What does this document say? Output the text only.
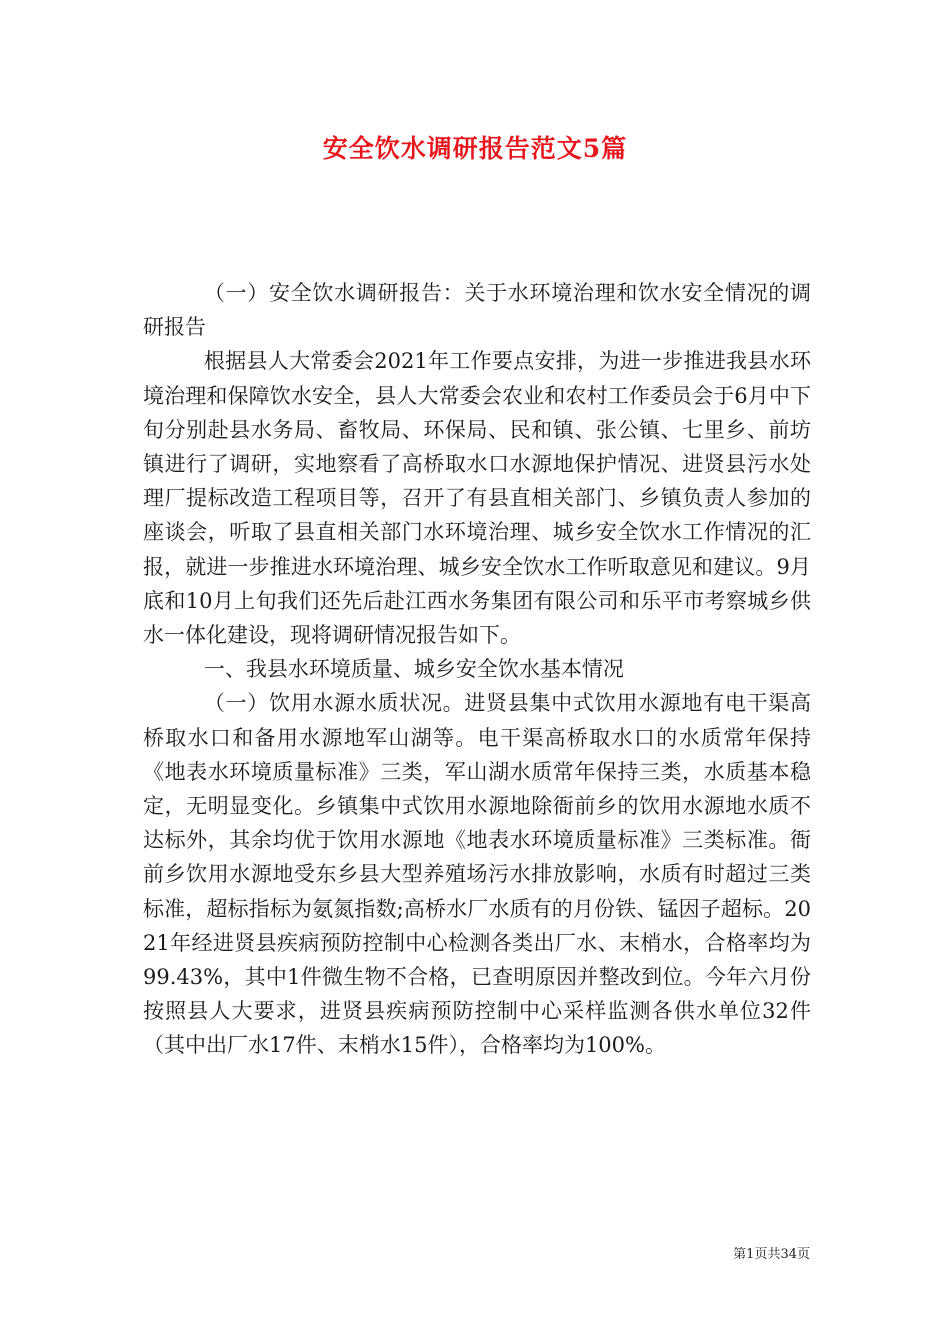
安全饮水调研报告范文5篇

（一）安全饮水调研报告：关于水环境治理和饮水安全情况的调研报告

根据县人大常委会2021年工作要点安排，为进一步推进我县水环境治理和保障饮水安全，县人大常委会农业和农村工作委员会于6月中下旬分别赴县水务局、畜牧局、环保局、民和镇、张公镇、七里乡、前坊镇进行了调研，实地察看了高桥取水口水源地保护情况、进贤县污水处理厂提标改造工程项目等，召开了有县直相关部门、乡镇负责人参加的座谈会，听取了县直相关部门水环境治理、城乡安全饮水工作情况的汇报，就进一步推进水环境治理、城乡安全饮水工作听取意见和建议。9月底和10月上旬我们还先后赴江西水务集团有限公司和乐平市考察城乡供水一体化建设，现将调研情况报告如下。

一、我县水环境质量、城乡安全饮水基本情况

（一）饮用水源水质状况。进贤县集中式饮用水源地有电干渠高桥取水口和备用水源地军山湖等。电干渠高桥取水口的水质常年保持《地表水环境质量标准》三类，军山湖水质常年保持三类，水质基本稳定，无明显变化。乡镇集中式饮用水源地除衙前乡的饮用水源地水质不达标外，其余均优于饮用水源地《地表水环境质量标准》三类标准。衙前乡饮用水源地受东乡县大型养殖场污水排放影响，水质有时超过三类标准，超标指标为氨氮指数;高桥水厂水质有的月份铁、锰因子超标。2021年经进贤县疾病预防控制中心检测各类出厂水、末梢水，合格率均为99.43%，其中1件微生物不合格，已查明原因并整改到位。今年六月份按照县人大要求，进贤县疾病预防控制中心采样监测各供水单位32件（其中出厂水17件、末梢水15件），合格率均为100%。

第1页共34页
